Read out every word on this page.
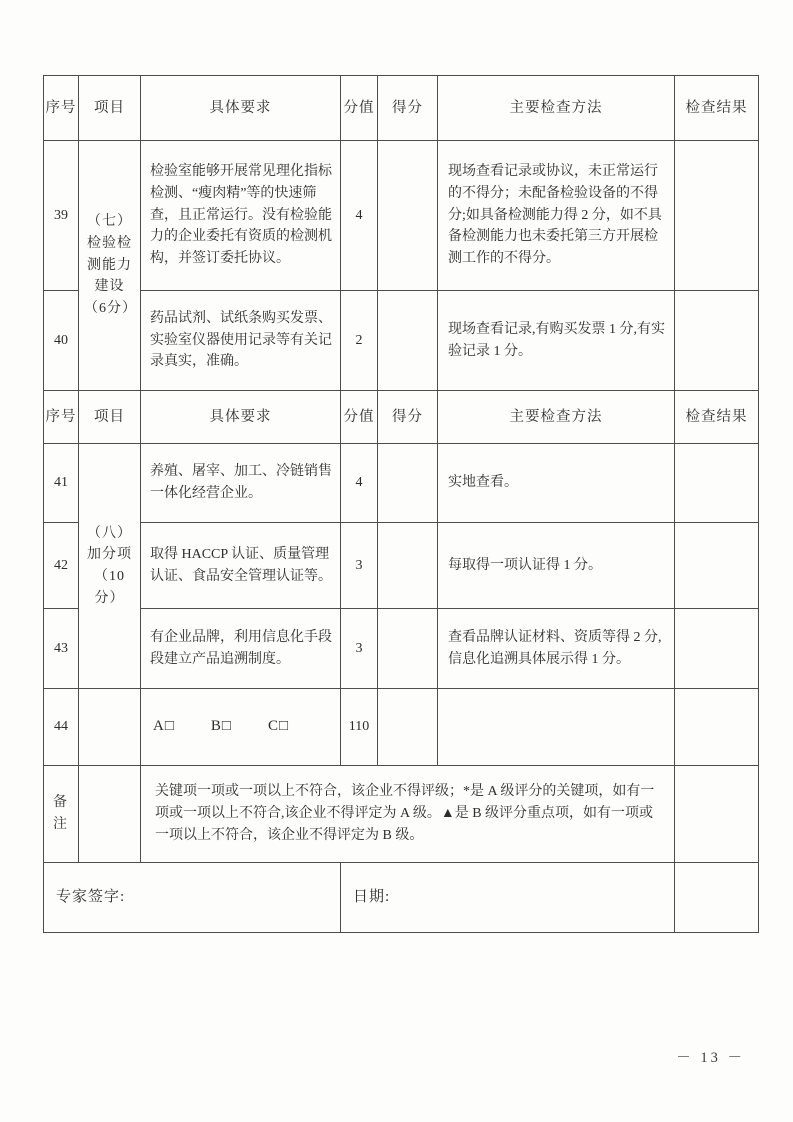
序号	项目	具体要求	分值	得分	主要检查方法	检查结果
39	（七）检验检测能力建设（6分）	检验室能够开展常见理化指标检测、“瘦肉精”等的快速筛查，且正常运行。没有检验能力的企业委托有资质的检测机构，并签订委托协议。	4		现场查看记录或协议，未正常运行的不得分；未配备检验设备的不得分;如具备检测能力得 2 分，如不具备检测能力也未委托第三方开展检测工作的不得分。	
40		药品试剂、试纸条购买发票、实验室仪器使用记录等有关记录真实，准确。	2		现场查看记录,有购买发票 1 分,有实验记录 1 分。	
序号	项目	具体要求	分值	得分	主要检查方法	检查结果
41	（八）加分项（10分）	养殖、屠宰、加工、冷链销售一体化经营企业。	4		实地查看。	
42		取得 HACCP 认证、质量管理认证、食品安全管理认证等。	3		每取得一项认证得 1 分。	
43		有企业品牌，利用信息化手段段建立产品追溯制度。	3		查看品牌认证材料、资质等得 2 分,信息化追溯具体展示得 1 分。	
44		A□ B□ C□	110			
备注		关键项一项或一项以上不符合，该企业不得评级；*是 A 级评分的关键项，如有一项或一项以上不符合,该企业不得评定为 A 级。▲是 B 级评分重点项，如有一项或一项以上不符合，该企业不得评定为 B 级。				
专家签字:			日期:			
－ 13 －
